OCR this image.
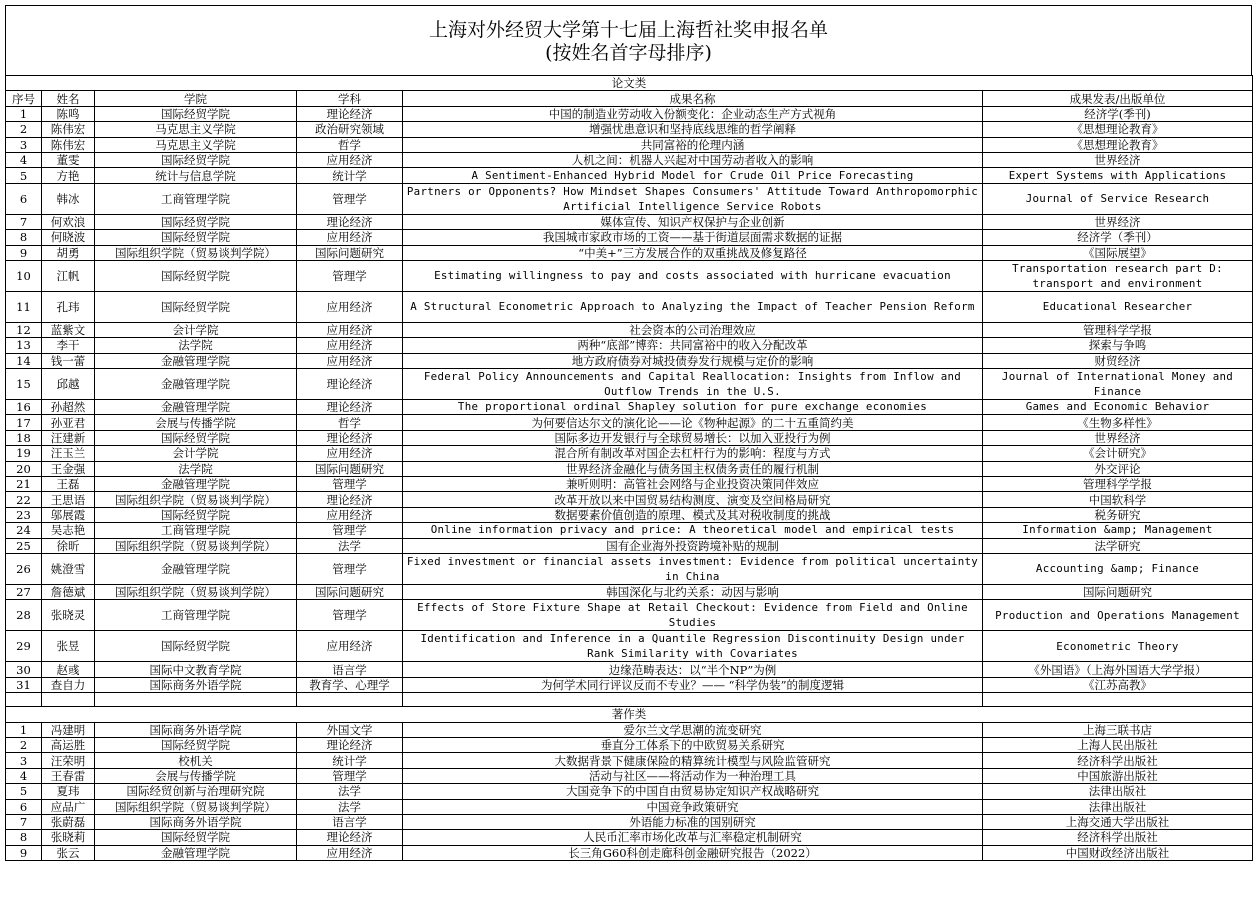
上海对外经贸大学第十七届上海哲社奖申报名单
(按姓名首字母排序)
论文类					
序号	姓名	学院	学科	成果名称	成果发表/出版单位
1	陈鸣	国际经贸学院	理论经济	中国的制造业劳动收入份额变化：企业动态生产方式视角	经济学(季刊)
2	陈伟宏	马克思主义学院	政治研究领域	增强忧患意识和坚持底线思维的哲学阐释	《思想理论教育》
3	陈伟宏	马克思主义学院	哲学	共同富裕的伦理内涵	《思想理论教育》
4	董雯	国际经贸学院	应用经济	人机之间：机器人兴起对中国劳动者收入的影响	世界经济
5	方艳	统计与信息学院	统计学	A Sentiment-Enhanced Hybrid Model for Crude Oil Price Forecasting	Expert Systems with Applications
6	韩冰	工商管理学院	管理学	Partners or Opponents? How Mindset Shapes Consumers' Attitude Toward Anthropomorphic Artificial Intelligence Service Robots	Journal of Service Research
7	何欢浪	国际经贸学院	理论经济	媒体宣传、知识产权保护与企业创新	世界经济
8	何晓波	国际经贸学院	应用经济	我国城市家政市场的工资——基于街道层面需求数据的证据	经济学（季刊）
9	胡勇	国际组织学院（贸易谈判学院）	国际问题研究	“中美+”三方发展合作的双重挑战及修复路径	《国际展望》
10	江帆	国际经贸学院	管理学	Estimating willingness to pay and costs associated with hurricane evacuation	Transportation research part D: transport and environment
11	孔玮	国际经贸学院	应用经济	A Structural Econometric Approach to Analyzing the Impact of Teacher Pension Reform	Educational Researcher
12	蓝紫文	会计学院	应用经济	社会资本的公司治理效应	管理科学学报
13	李干	法学院	应用经济	两种“底部”博弈：共同富裕中的收入分配改革	探索与争鸣
14	钱一蕾	金融管理学院	应用经济	地方政府债券对城投债券发行规模与定价的影响	财贸经济
15	邱越	金融管理学院	理论经济	Federal Policy Announcements and Capital Reallocation: Insights from Inflow and Outflow Trends in the U.S.	Journal of International Money and Finance
16	孙超然	金融管理学院	理论经济	The proportional ordinal Shapley solution for pure exchange economies	Games and Economic Behavior
17	孙亚君	会展与传播学院	哲学	为何要信达尔文的演化论——论《物种起源》的二十五重简约美	《生物多样性》
18	汪建新	国际经贸学院	理论经济	国际多边开发银行与全球贸易增长：以加入亚投行为例	世界经济
19	汪玉兰	会计学院	应用经济	混合所有制改革对国企去杠杆行为的影响：程度与方式	《会计研究》
20	王金强	法学院	国际问题研究	世界经济金融化与债务国主权债务责任的履行机制	外交评论
21	王磊	金融管理学院	管理学	兼听则明：高管社会网络与企业投资决策同伴效应	管理科学学报
22	王思语	国际组织学院（贸易谈判学院）	理论经济	改革开放以来中国贸易结构测度、演变及空间格局研究	中国软科学
23	邬展霞	国际经贸学院	应用经济	数据要素价值创造的原理、模式及其对税收制度的挑战	税务研究
24	吴志艳	工商管理学院	管理学	Online information privacy and price: A theoretical model and empirical tests	Information &amp; Management
25	徐昕	国际组织学院（贸易谈判学院）	法学	国有企业海外投资跨境补贴的规制	法学研究
26	姚澄雪	金融管理学院	管理学	Fixed investment or financial assets investment: Evidence from political uncertainty in China	Accounting &amp; Finance
27	詹德斌	国际组织学院（贸易谈判学院）	国际问题研究	韩国深化与北约关系：动因与影响	国际问题研究
28	张晓灵	工商管理学院	管理学	Effects of Store Fixture Shape at Retail Checkout: Evidence from Field and Online Studies	Production and Operations Management
29	张昱	国际经贸学院	应用经济	Identification and Inference in a Quantile Regression Discontinuity Design under Rank Similarity with Covariates	Econometric Theory
30	赵彧	国际中文教育学院	语言学	边缘范畴表达：以“半个NP”为例	《外国语》（上海外国语大学学报）
31	查自力	国际商务外语学院	教育学、心理学	为何学术同行评议反而不专业？—— “科学伪装”的制度逻辑	《江苏高教》

著作类					
1	冯建明	国际商务外语学院	外国文学	爱尔兰文学思潮的流变研究	上海三联书店
2	高运胜	国际经贸学院	理论经济	垂直分工体系下的中欧贸易关系研究	上海人民出版社
3	汪荣明	校机关	统计学	大数据背景下健康保险的精算统计模型与风险监管研究	经济科学出版社
4	王春雷	会展与传播学院	管理学	活动与社区——将活动作为一种治理工具	中国旅游出版社
5	夏玮	国际经贸创新与治理研究院	法学	大国竞争下的中国自由贸易协定知识产权战略研究	法律出版社
6	应品广	国际组织学院（贸易谈判学院）	法学	中国竞争政策研究	法律出版社
7	张蔚磊	国际商务外语学院	语言学	外语能力标准的国别研究	上海交通大学出版社
8	张晓莉	国际经贸学院	理论经济	人民币汇率市场化改革与汇率稳定机制研究	经济科学出版社
9	张云	金融管理学院	应用经济	长三角G60科创走廊科创金融研究报告（2022）	中国财政经济出版社
